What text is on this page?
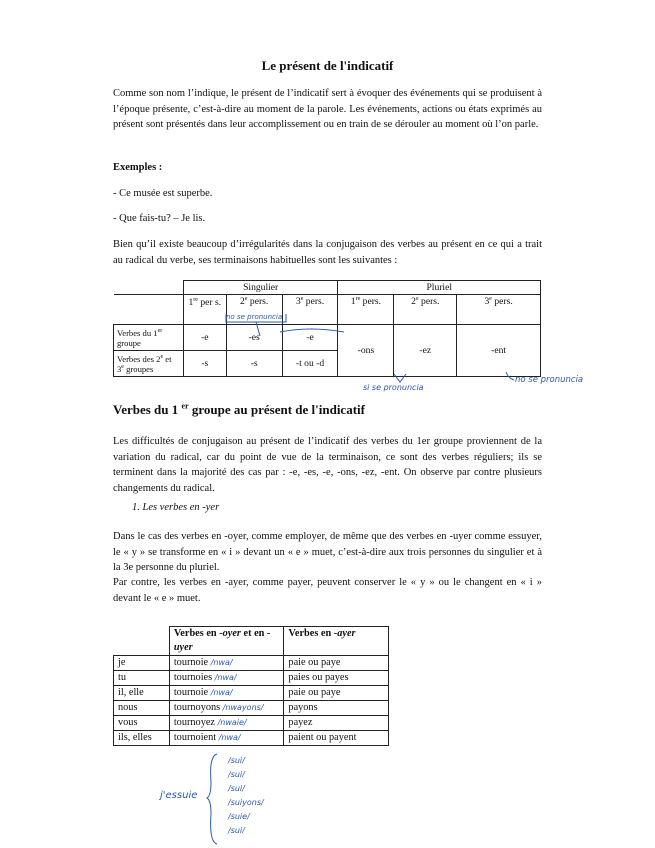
Le présent de l'indicatif

Comme son nom l’indique, le présent de l’indicatif sert à évoquer des événements qui se produisent à l’époque présente, c’est-à-dire au moment de la parole. Les événements, actions ou états exprimés au présent sont présentés dans leur accomplissement ou en train de se dérouler au moment où l’on parle.

Exemples :

- Ce musée est superbe.

- Que fais-tu? – Je lis.

Bien qu’il existe beaucoup d’irrégularités dans la conjugaison des verbes au présent en ce qui a trait au radical du verbe, ses terminaisons habituelles sont les suivantes :

	Singulier			Pluriel		
	1re per s.	2e pers.	3e pers.	1re pers.	2e pers.	3e pers.
Verbes du 1er groupe	-e	-es	-e	-ons	-ez	-ent
Verbes des 2e et 3e groupes	-s	-s	-t ou -d			
no se pronuncia
si se pronuncia
no se pronuncia
Verbes du 1 $^{er}$ groupe au présent de l'indicatif

Les difficultés de conjugaison au présent de l’indicatif des verbes du 1er groupe proviennent de la variation du radical, car du point de vue de la terminaison, ce sont des verbes réguliers; ils se terminent dans la majorité des cas par : -e, -es, -e, -ons, -ez, -ent. On observe par contre plusieurs changements du radical.

1. Les verbes en -yer

Dans le cas des verbes en -oyer, comme employer, de même que des verbes en -uyer comme essuyer, le « y » se transforme en « i » devant un « e » muet, c’est-à-dire aux trois personnes du singulier et à la 3e personne du pluriel.

Par contre, les verbes en -ayer, comme payer, peuvent conserver le « y » ou le changent en « i » devant le « e » muet.

	Verbes en -oyer et en -uyer	Verbes en -ayer
je	tournoie /nwa/	paie ou paye
tu	tournoies /nwa/	paies ou payes
il, elle	tournoie /nwa/	paie ou paye
nous	tournoyons /nwayons/	payons
vous	tournoyez /nwaie/	payez
ils, elles	tournoient /nwa/	paient ou payent
j'essuie
/sui/
/sui/
/sui/
/suiyons/
/suie/
/sui/
